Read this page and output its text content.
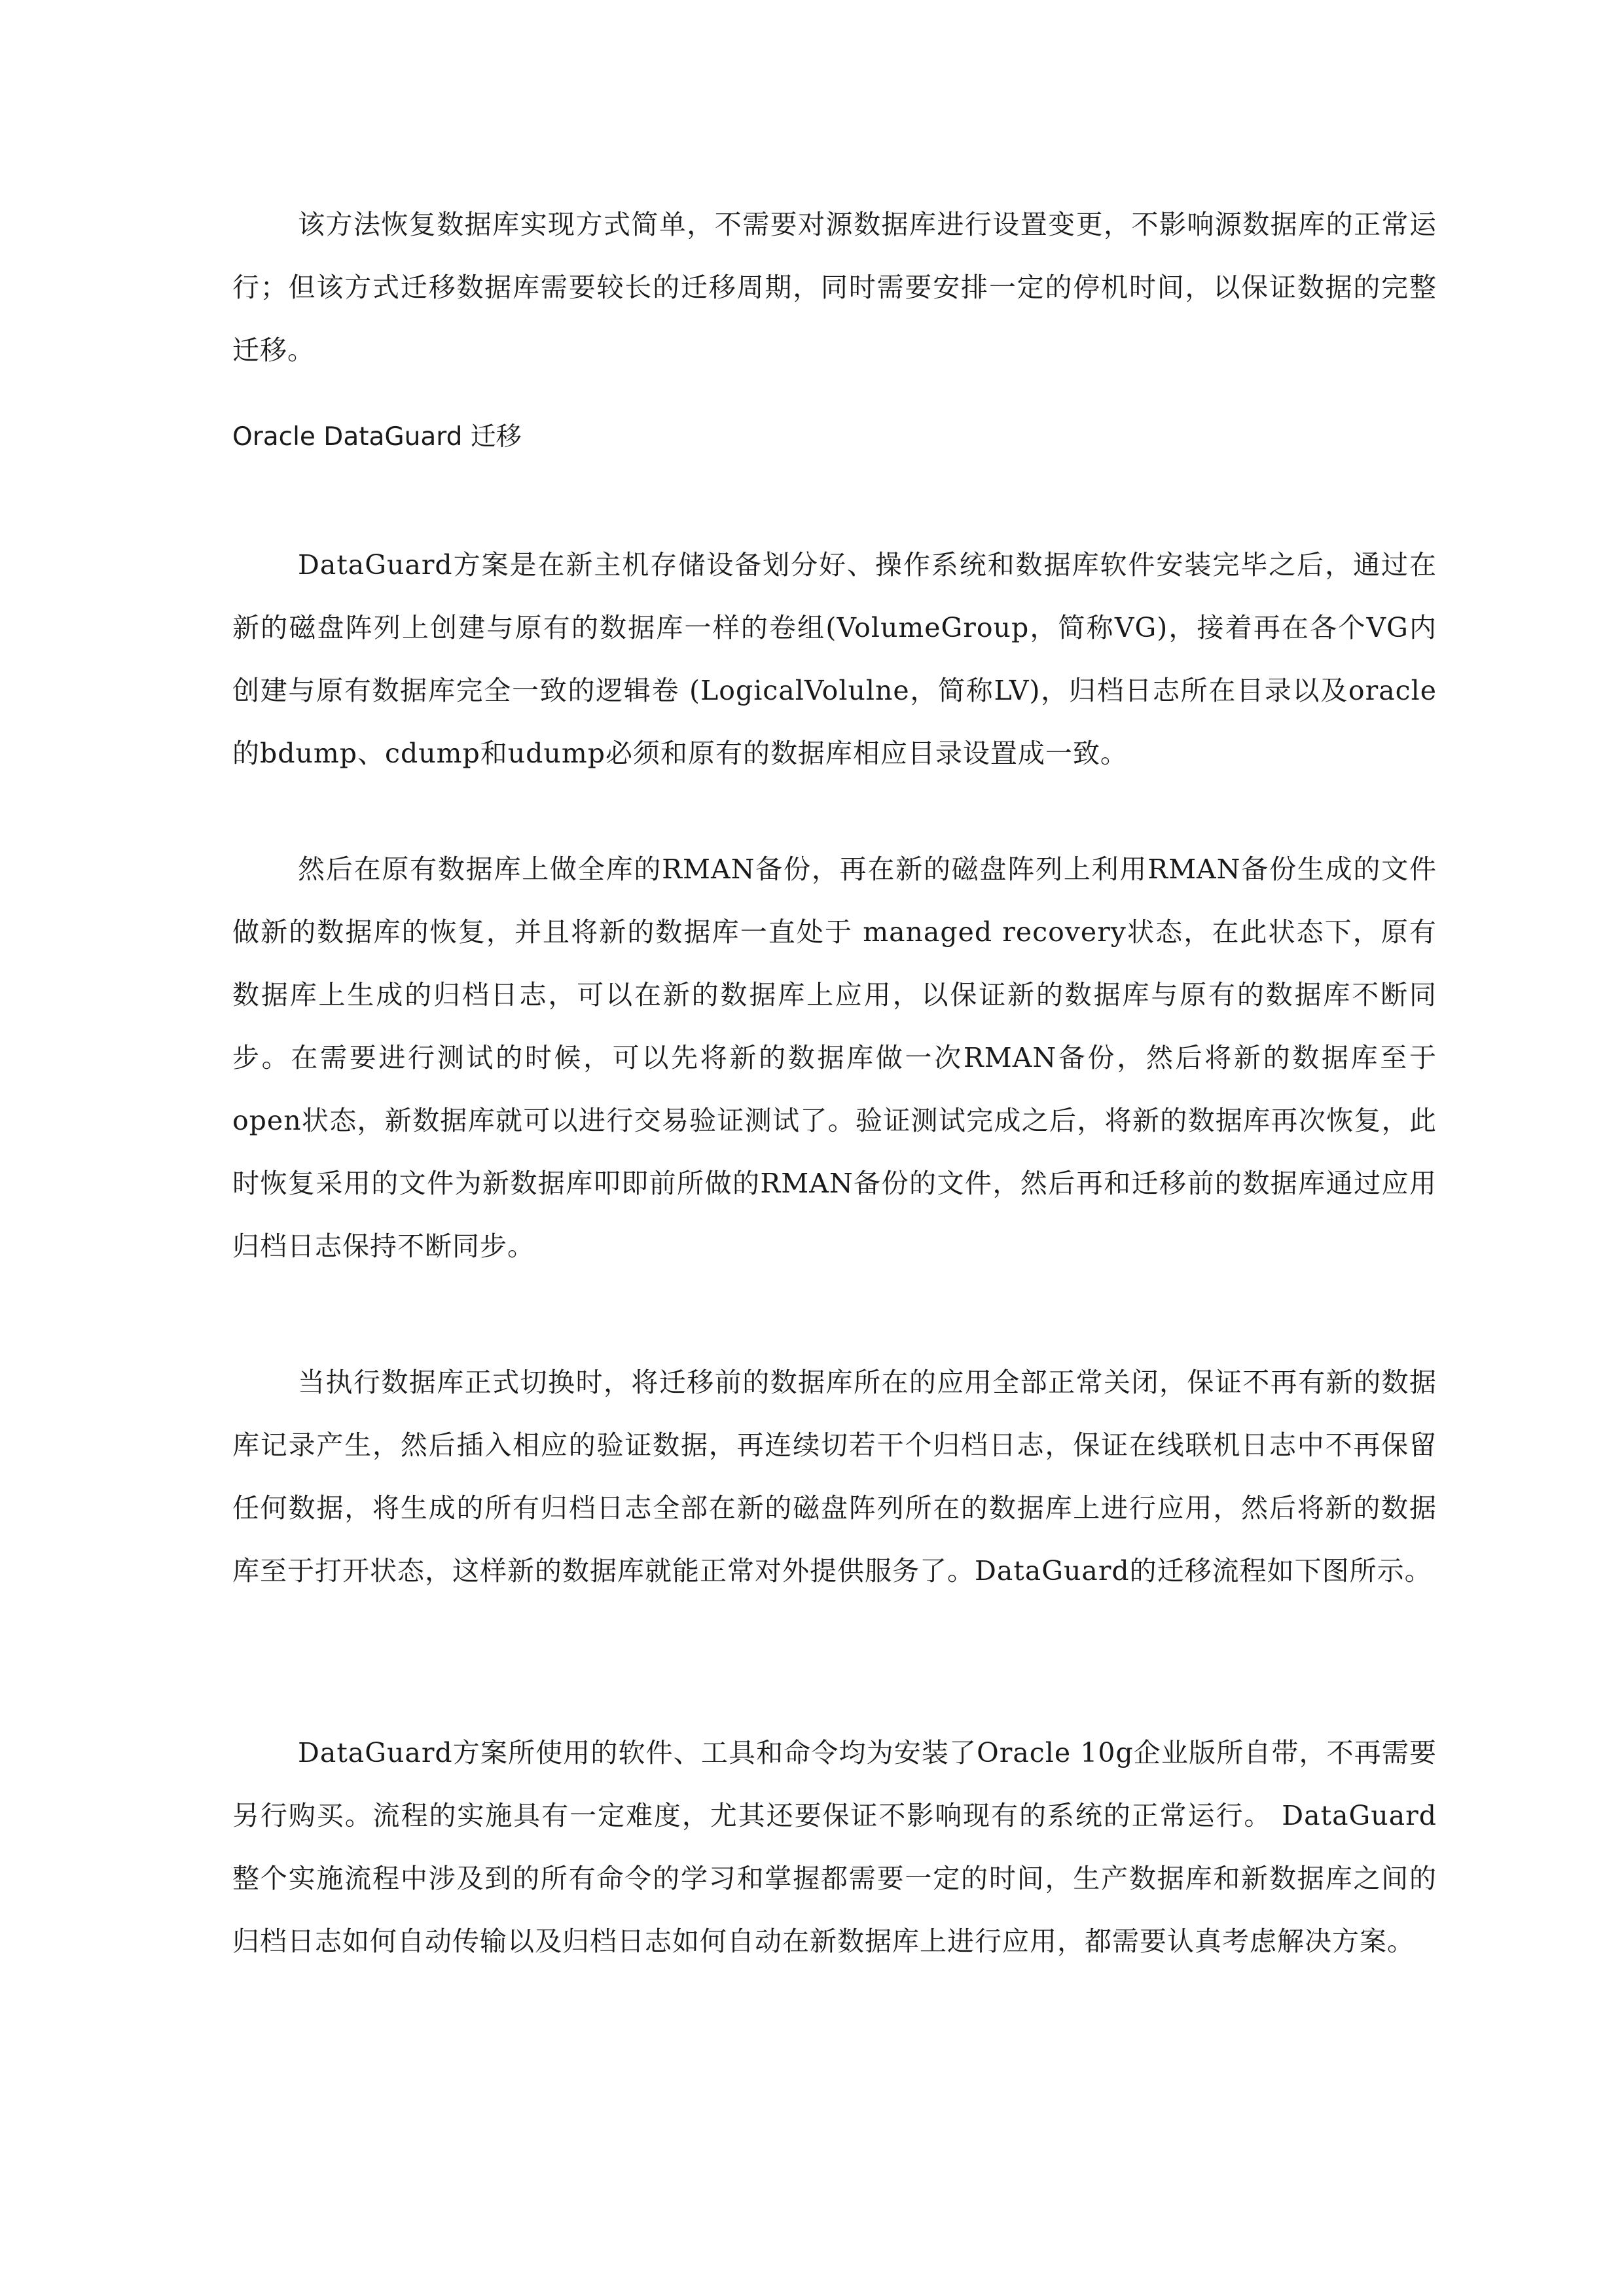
该方法恢复数据库实现方式简单，不需要对源数据库进行设置变更，不影响源数据库的正常运行；但该方式迁移数据库需要较长的迁移周期，同时需要安排一定的停机时间，以保证数据的完整迁移。

Oracle DataGuard 迁移

DataGuard方案是在新主机存储设备划分好、操作系统和数据库软件安装完毕之后，通过在新的磁盘阵列上创建与原有的数据库一样的卷组(VolumeGroup，简称VG)，接着再在各个VG内创建与原有数据库完全一致的逻辑卷 (LogicalVolulne，简称LV)，归档日志所在目录以及oracle的bdump、cdump和udump必须和原有的数据库相应目录设置成一致。

然后在原有数据库上做全库的RMAN备份，再在新的磁盘阵列上利用RMAN备份生成的文件做新的数据库的恢复，并且将新的数据库一直处于 managed recovery状态，在此状态下，原有数据库上生成的归档日志，可以在新的数据库上应用，以保证新的数据库与原有的数据库不断同步。在需要进行测试的时候，可以先将新的数据库做一次RMAN备份，然后将新的数据库至于open状态，新数据库就可以进行交易验证测试了。验证测试完成之后，将新的数据库再次恢复，此时恢复采用的文件为新数据库叩即前所做的RMAN备份的文件，然后再和迁移前的数据库通过应用归档日志保持不断同步。

当执行数据库正式切换时，将迁移前的数据库所在的应用全部正常关闭，保证不再有新的数据库记录产生，然后插入相应的验证数据，再连续切若干个归档日志，保证在线联机日志中不再保留任何数据，将生成的所有归档日志全部在新的磁盘阵列所在的数据库上进行应用，然后将新的数据库至于打开状态，这样新的数据库就能正常对外提供服务了。DataGuard的迁移流程如下图所示。

DataGuard方案所使用的软件、工具和命令均为安装了Oracle 10g企业版所自带，不再需要另行购买。流程的实施具有一定难度，尤其还要保证不影响现有的系统的正常运行。 DataGuard整个实施流程中涉及到的所有命令的学习和掌握都需要一定的时间，生产数据库和新数据库之间的归档日志如何自动传输以及归档日志如何自动在新数据库上进行应用，都需要认真考虑解决方案。
